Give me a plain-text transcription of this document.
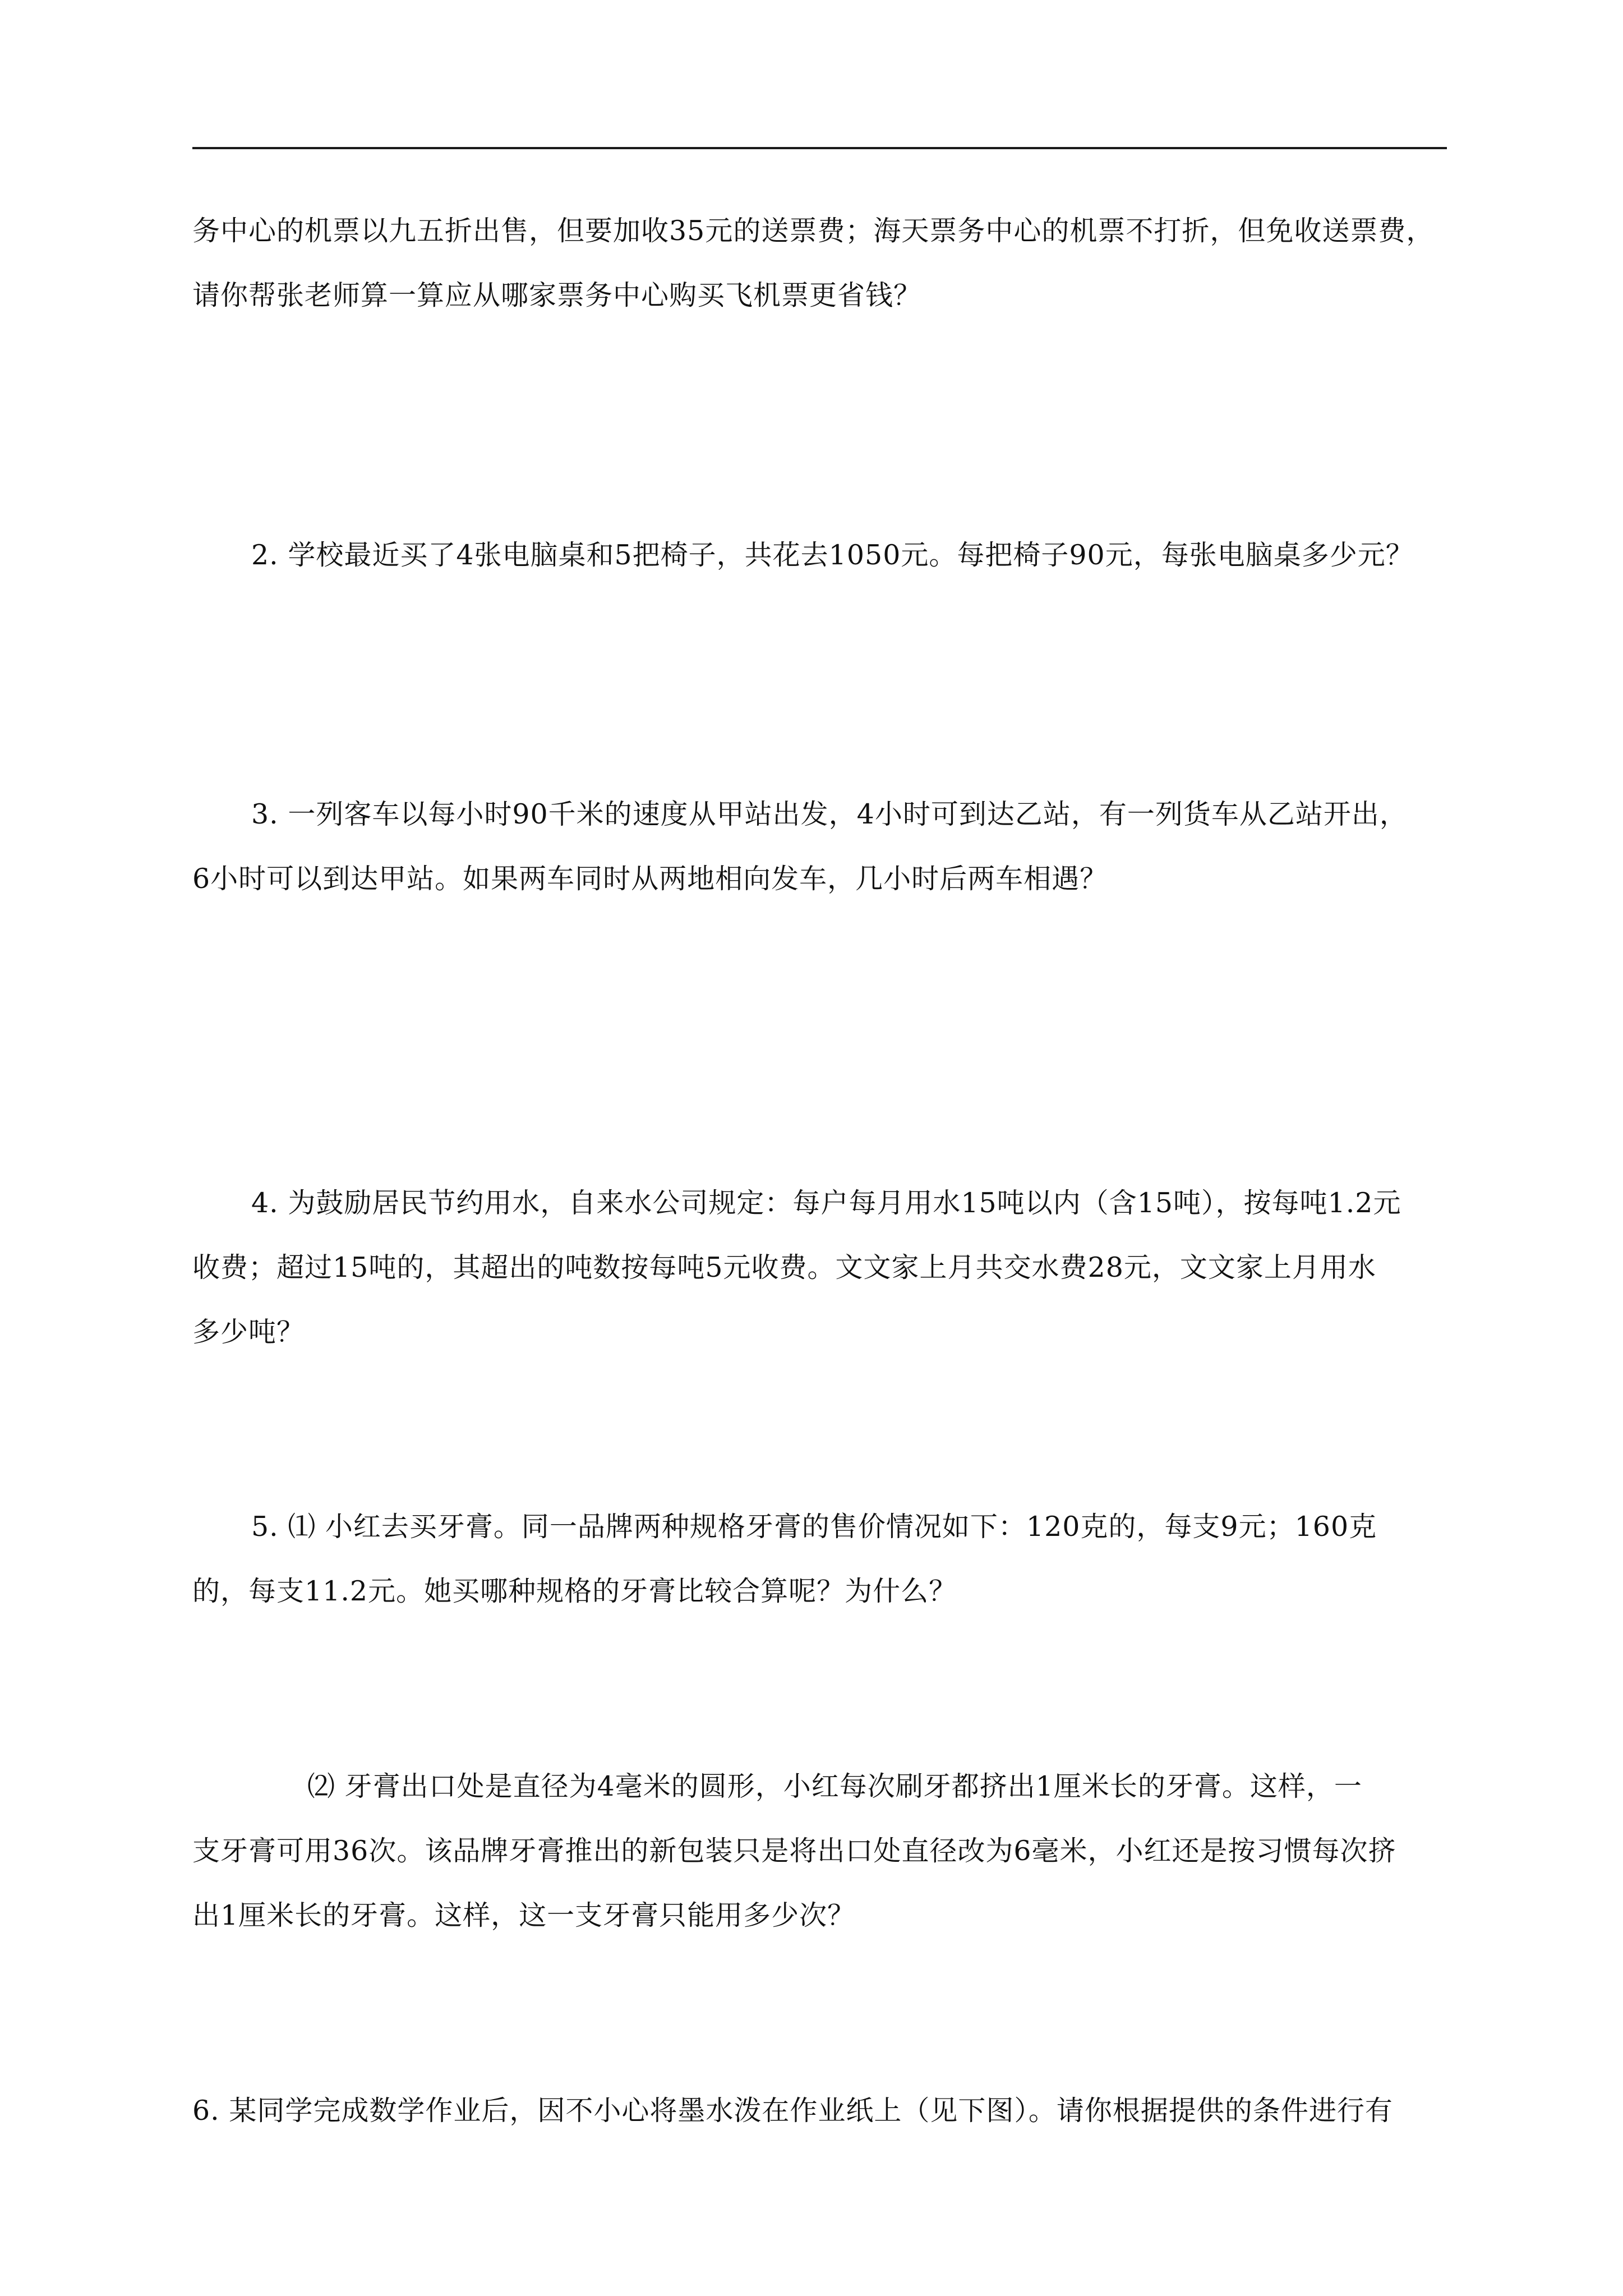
务中心的机票以九五折出售，但要加收35元的送票费；海天票务中心的机票不打折，但免收送票费，
请你帮张老师算一算应从哪家票务中心购买飞机票更省钱？
2. 学校最近买了4张电脑桌和5把椅子，共花去1050元。每把椅子90元，每张电脑桌多少元？
3. 一列客车以每小时90千米的速度从甲站出发，4小时可到达乙站，有一列货车从乙站开出，
6小时可以到达甲站。如果两车同时从两地相向发车，几小时后两车相遇？
4. 为鼓励居民节约用水，自来水公司规定：每户每月用水15吨以内（含15吨），按每吨1.2元
收费；超过15吨的，其超出的吨数按每吨5元收费。文文家上月共交水费28元，文文家上月用水
多少吨？
5. ⑴ 小红去买牙膏。同一品牌两种规格牙膏的售价情况如下：120克的，每支9元；160克
的，每支11.2元。她买哪种规格的牙膏比较合算呢？为什么？
⑵ 牙膏出口处是直径为4毫米的圆形，小红每次刷牙都挤出1厘米长的牙膏。这样，一
支牙膏可用36次。该品牌牙膏推出的新包装只是将出口处直径改为6毫米，小红还是按习惯每次挤
出1厘米长的牙膏。这样，这一支牙膏只能用多少次？
6. 某同学完成数学作业后，因不小心将墨水泼在作业纸上（见下图）。请你根据提供的条件进行有
